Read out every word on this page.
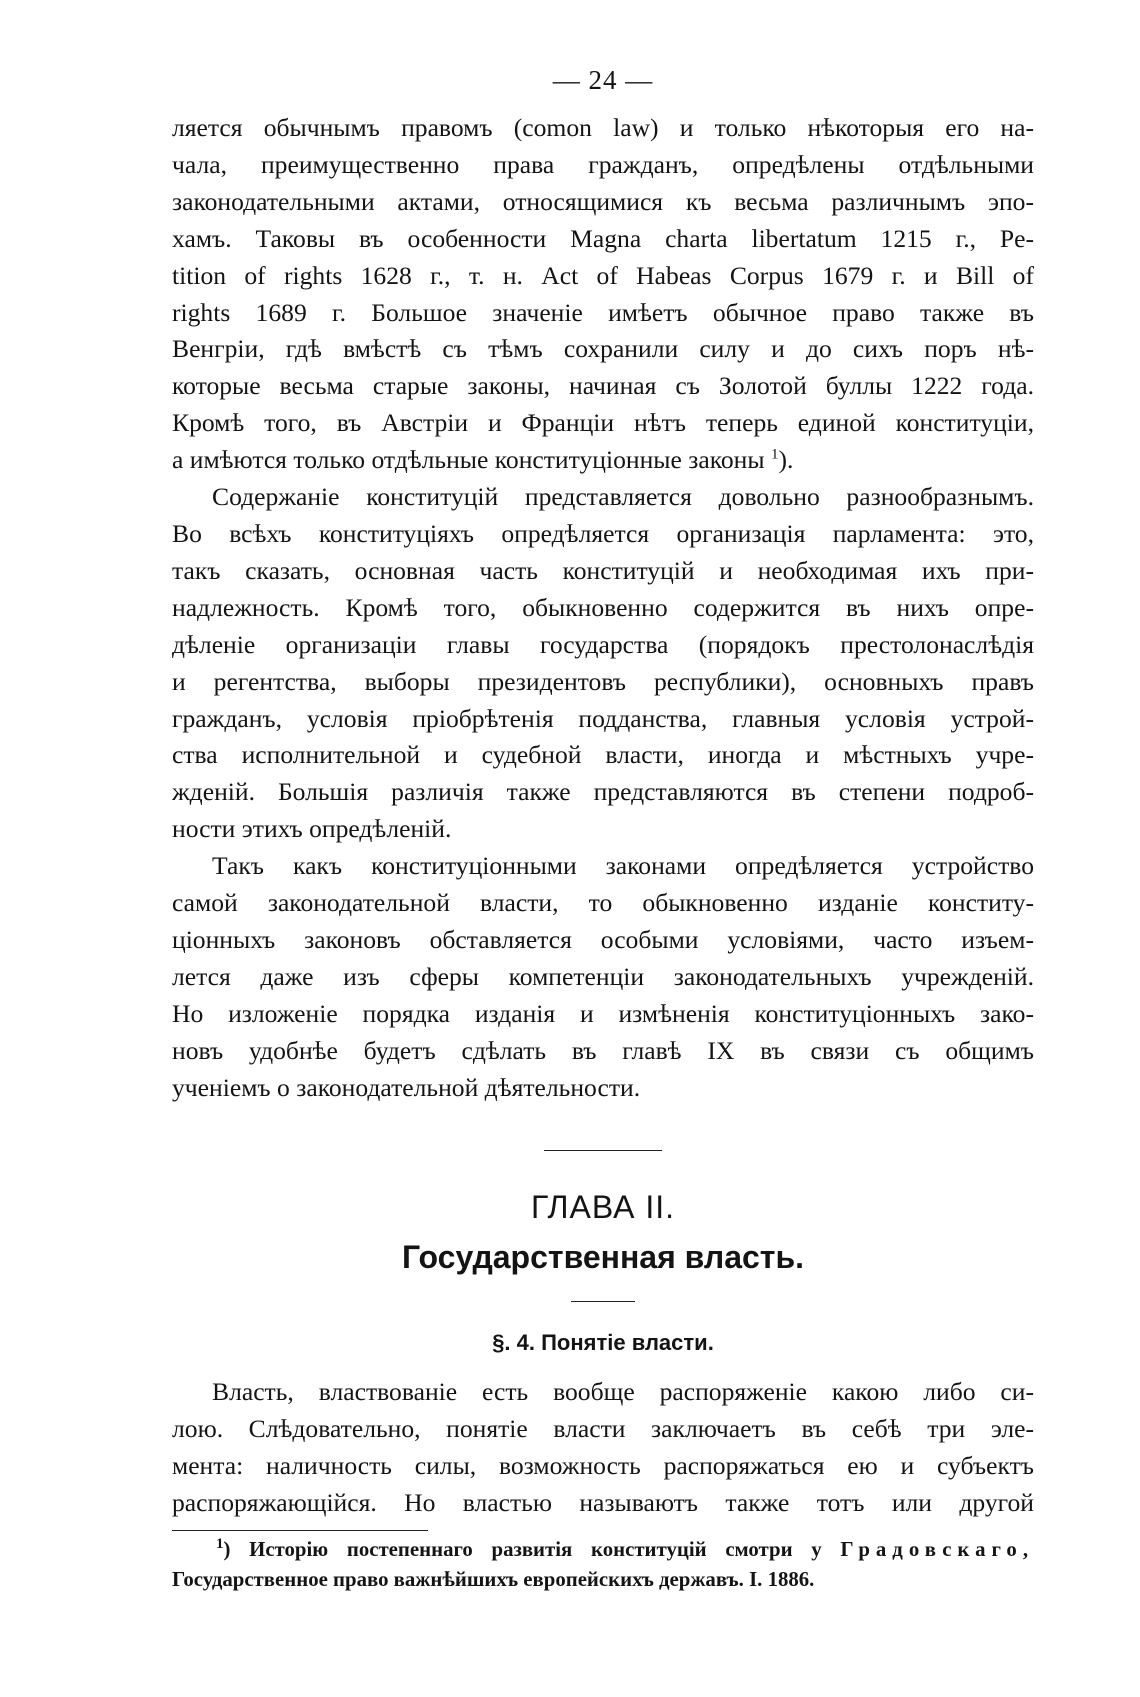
— 24 —
ляется обычнымъ правомъ (comon law) и только нѣкоторыя его на-
чала, преимущественно права гражданъ, опредѣлены отдѣльными
законодательными актами, относящимися къ весьма различнымъ эпо-
хамъ. Таковы въ особенности Magna charta libertatum 1215 г., Pe-
tition of rights 1628 г., т. н. Act of Habeas Corpus 1679 г. и Bill of
rights 1689 г. Большое значеніе имѣетъ обычное право также въ
Венгріи, гдѣ вмѣстѣ съ тѣмъ сохранили силу и до сихъ поръ нѣ-
которые весьма старые законы, начиная съ Золотой буллы 1222 года.
Кромѣ того, въ Австріи и Франціи нѣтъ теперь единой конституціи,
а имѣются только отдѣльные конституціонные законы $^1$).
Содержаніе конституцій представляется довольно разнообразнымъ.
Во всѣхъ конституціяхъ опредѣляется организація парламента: это,
такъ сказать, основная часть конституцій и необходимая ихъ при-
надлежность. Кромѣ того, обыкновенно содержится въ нихъ опре-
дѣленіе организаціи главы государства (порядокъ престолонаслѣдія
и регентства, выборы президентовъ республики), основныхъ правъ
гражданъ, условія пріобрѣтенія подданства, главныя условія устрой-
ства исполнительной и судебной власти, иногда и мѣстныхъ учре-
жденій. Большія различія также представляются въ степени подроб-
ности этихъ опредѣленій.
Такъ какъ конституціонными законами опредѣляется устройство
самой законодательной власти, то обыкновенно изданіе конститу-
ціонныхъ законовъ обставляется особыми условіями, часто изъем-
лется даже изъ сферы компетенціи законодательныхъ учрежденій.
Но изложеніе порядка изданія и измѣненія конституціонныхъ зако-
новъ удобнѣе будетъ сдѣлать въ главѣ IX въ связи съ общимъ
ученіемъ о законодательной дѣятельности.
ГЛАВА II.
Государственная власть.
§. 4. Понятіе власти.
Власть, властвованіе есть вообще распоряженіе какою либо си-
лою. Слѣдовательно, понятіе власти заключаетъ въ себѣ три эле-
мента: наличность силы, возможность распоряжаться ею и субъектъ
распоряжающійся. Но властью называютъ также тотъ или другой
$^1$) Исторію постепеннаго развитія конституцій смотри у Градовскаго,
Государственное право важнѣйшихъ европейскихъ державъ. I. 1886.
